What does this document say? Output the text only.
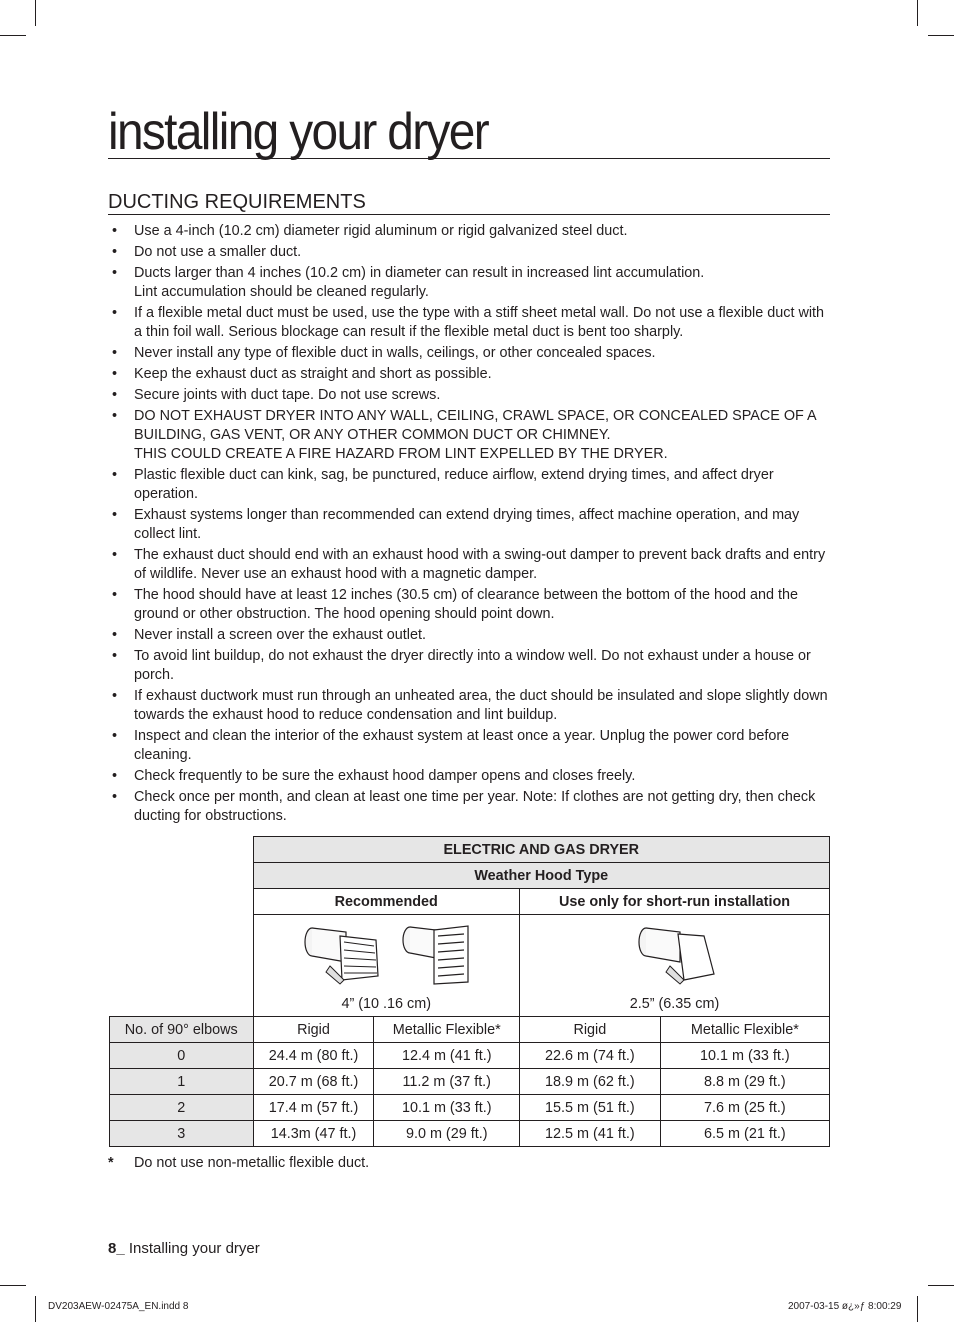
installing your dryer
DUCTING REQUIREMENTS
• Use a 4-inch (10.2 cm) diameter rigid aluminum or rigid galvanized steel duct.
• Do not use a smaller duct.
• Ducts larger than 4 inches (10.2 cm) in diameter can result in increased lint accumulation.
Lint accumulation should be cleaned regularly.
• If a flexible metal duct must be used, use the type with a stiff sheet metal wall. Do not use a flexible duct with a thin foil wall. Serious blockage can result if the flexible metal duct is bent too sharply.
• Never install any type of flexible duct in walls, ceilings, or other concealed spaces.
• Keep the exhaust duct as straight and short as possible.
• Secure joints with duct tape. Do not use screws.
• DO NOT EXHAUST DRYER INTO ANY WALL, CEILING, CRAWL SPACE, OR CONCEALED SPACE OF A BUILDING, GAS VENT, OR ANY OTHER COMMON DUCT OR CHIMNEY.
THIS COULD CREATE A FIRE HAZARD FROM LINT EXPELLED BY THE DRYER.
• Plastic flexible duct can kink, sag, be punctured, reduce airflow, extend drying times, and affect dryer operation.
• Exhaust systems longer than recommended can extend drying times, affect machine operation, and may collect lint.
• The exhaust duct should end with an exhaust hood with a swing-out damper to prevent back drafts and entry of wildlife. Never use an exhaust hood with a magnetic damper.
• The hood should have at least 12 inches (30.5 cm) of clearance between the bottom of the hood and the ground or other obstruction. The hood opening should point down.
• Never install a screen over the exhaust outlet.
• To avoid lint buildup, do not exhaust the dryer directly into a window well. Do not exhaust under a house or porch.
• If exhaust ductwork must run through an unheated area, the duct should be insulated and slope slightly down towards the exhaust hood to reduce condensation and lint buildup.
• Inspect and clean the interior of the exhaust system at least once a year. Unplug the power cord before cleaning.
• Check frequently to be sure the exhaust hood damper opens and closes freely.
• Check once per month, and clean at least one time per year. Note: If clothes are not getting dry, then check ducting for obstructions.
	ELECTRIC AND GAS DRYER			
	Weather Hood Type			
	Recommended		Use only for short-run installation	

	4” (10 .16 cm)		2.5” (6.35 cm)	

No. of 90° elbows	Rigid	Metallic Flexible*	Rigid	Metallic Flexible*
0	24.4 m (80 ft.)	12.4 m (41 ft.)	22.6 m (74 ft.)	10.1 m (33 ft.)
1	20.7 m (68 ft.)	11.2 m (37 ft.)	18.9 m (62 ft.)	8.8 m (29 ft.)
2	17.4 m (57 ft.)	10.1 m (33 ft.)	15.5 m (51 ft.)	7.6 m (25 ft.)
3	14.3m (47 ft.)	9.0 m (29 ft.)	12.5 m (41 ft.)	6.5 m (21 ft.)
* Do not use non-metallic flexible duct.
8_ Installing your dryer
DV203AEW-02475A_EN.indd 8	2007-03-15 ø¿»ƒ 8:00:29
